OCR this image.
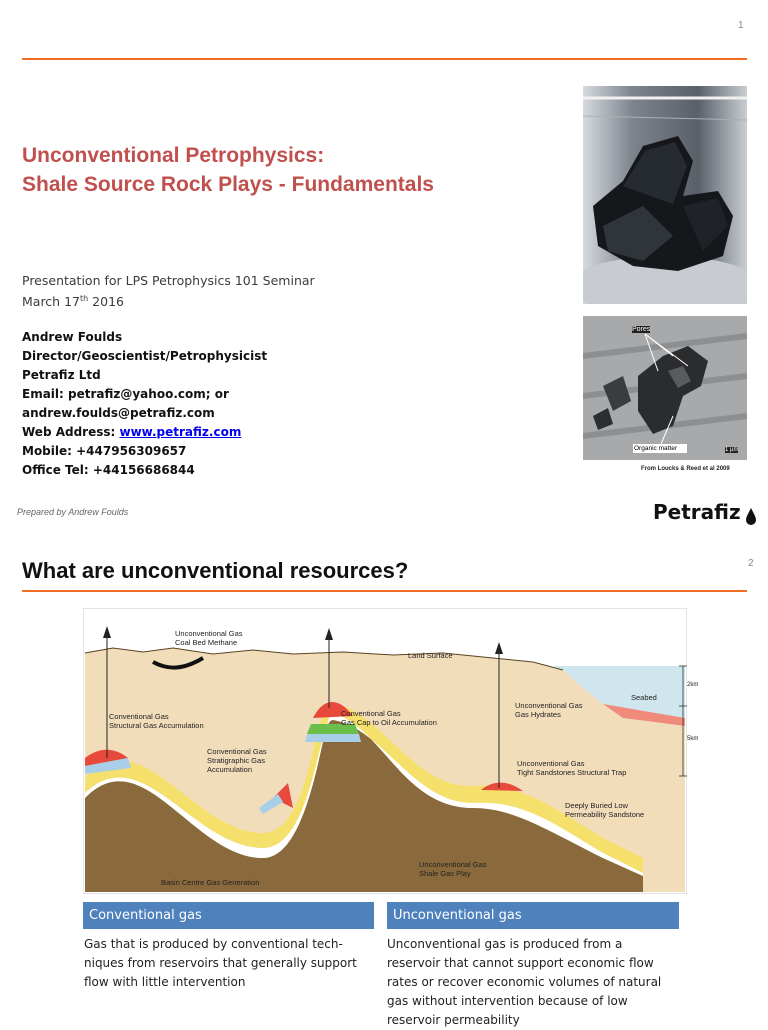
1
Unconventional Petrophysics:
Shale Source Rock Plays - Fundamentals
Presentation for LPS Petrophysics 101 Seminar
March 17th 2016
Andrew Foulds
Director/Geoscientist/Petrophysicist
Petrafiz Ltd
Email: petrafiz@yahoo.com; or
andrew.foulds@petrafiz.com
Web Address: www.petrafiz.com
Mobile: +447956309657
Office Tel: +44156686844
Pores
Organic matter	1 µm
From Loucks & Reed et al 2009
Prepared by Andrew Foulds	Petrafiz
2
What are unconventional resources?
Unconventional Gas
Coal Bed Methane
Land Surface
Seabed
Unconventional Gas
Gas Hydrates
2km
5km
Conventional Gas
Structural Gas Accumulation
Conventional Gas
Gas Cap to Oil Accumulation
Conventional Gas
Stratigraphic Gas
Accumulation
Unconventional Gas
Tight Sandstones Structural Trap
Deeply Buried Low
Permeability Sandstone
Unconventional Gas
Shale Gas Play
Basin Centre Gas Generation
Conventional gas	Unconventional gas
Gas that is produced by conventional tech-
niques from reservoirs that generally support
flow with little intervention
Unconventional gas is produced from a
reservoir that cannot support economic flow
rates or recover economic volumes of natural
gas without intervention because of low
reservoir permeability
